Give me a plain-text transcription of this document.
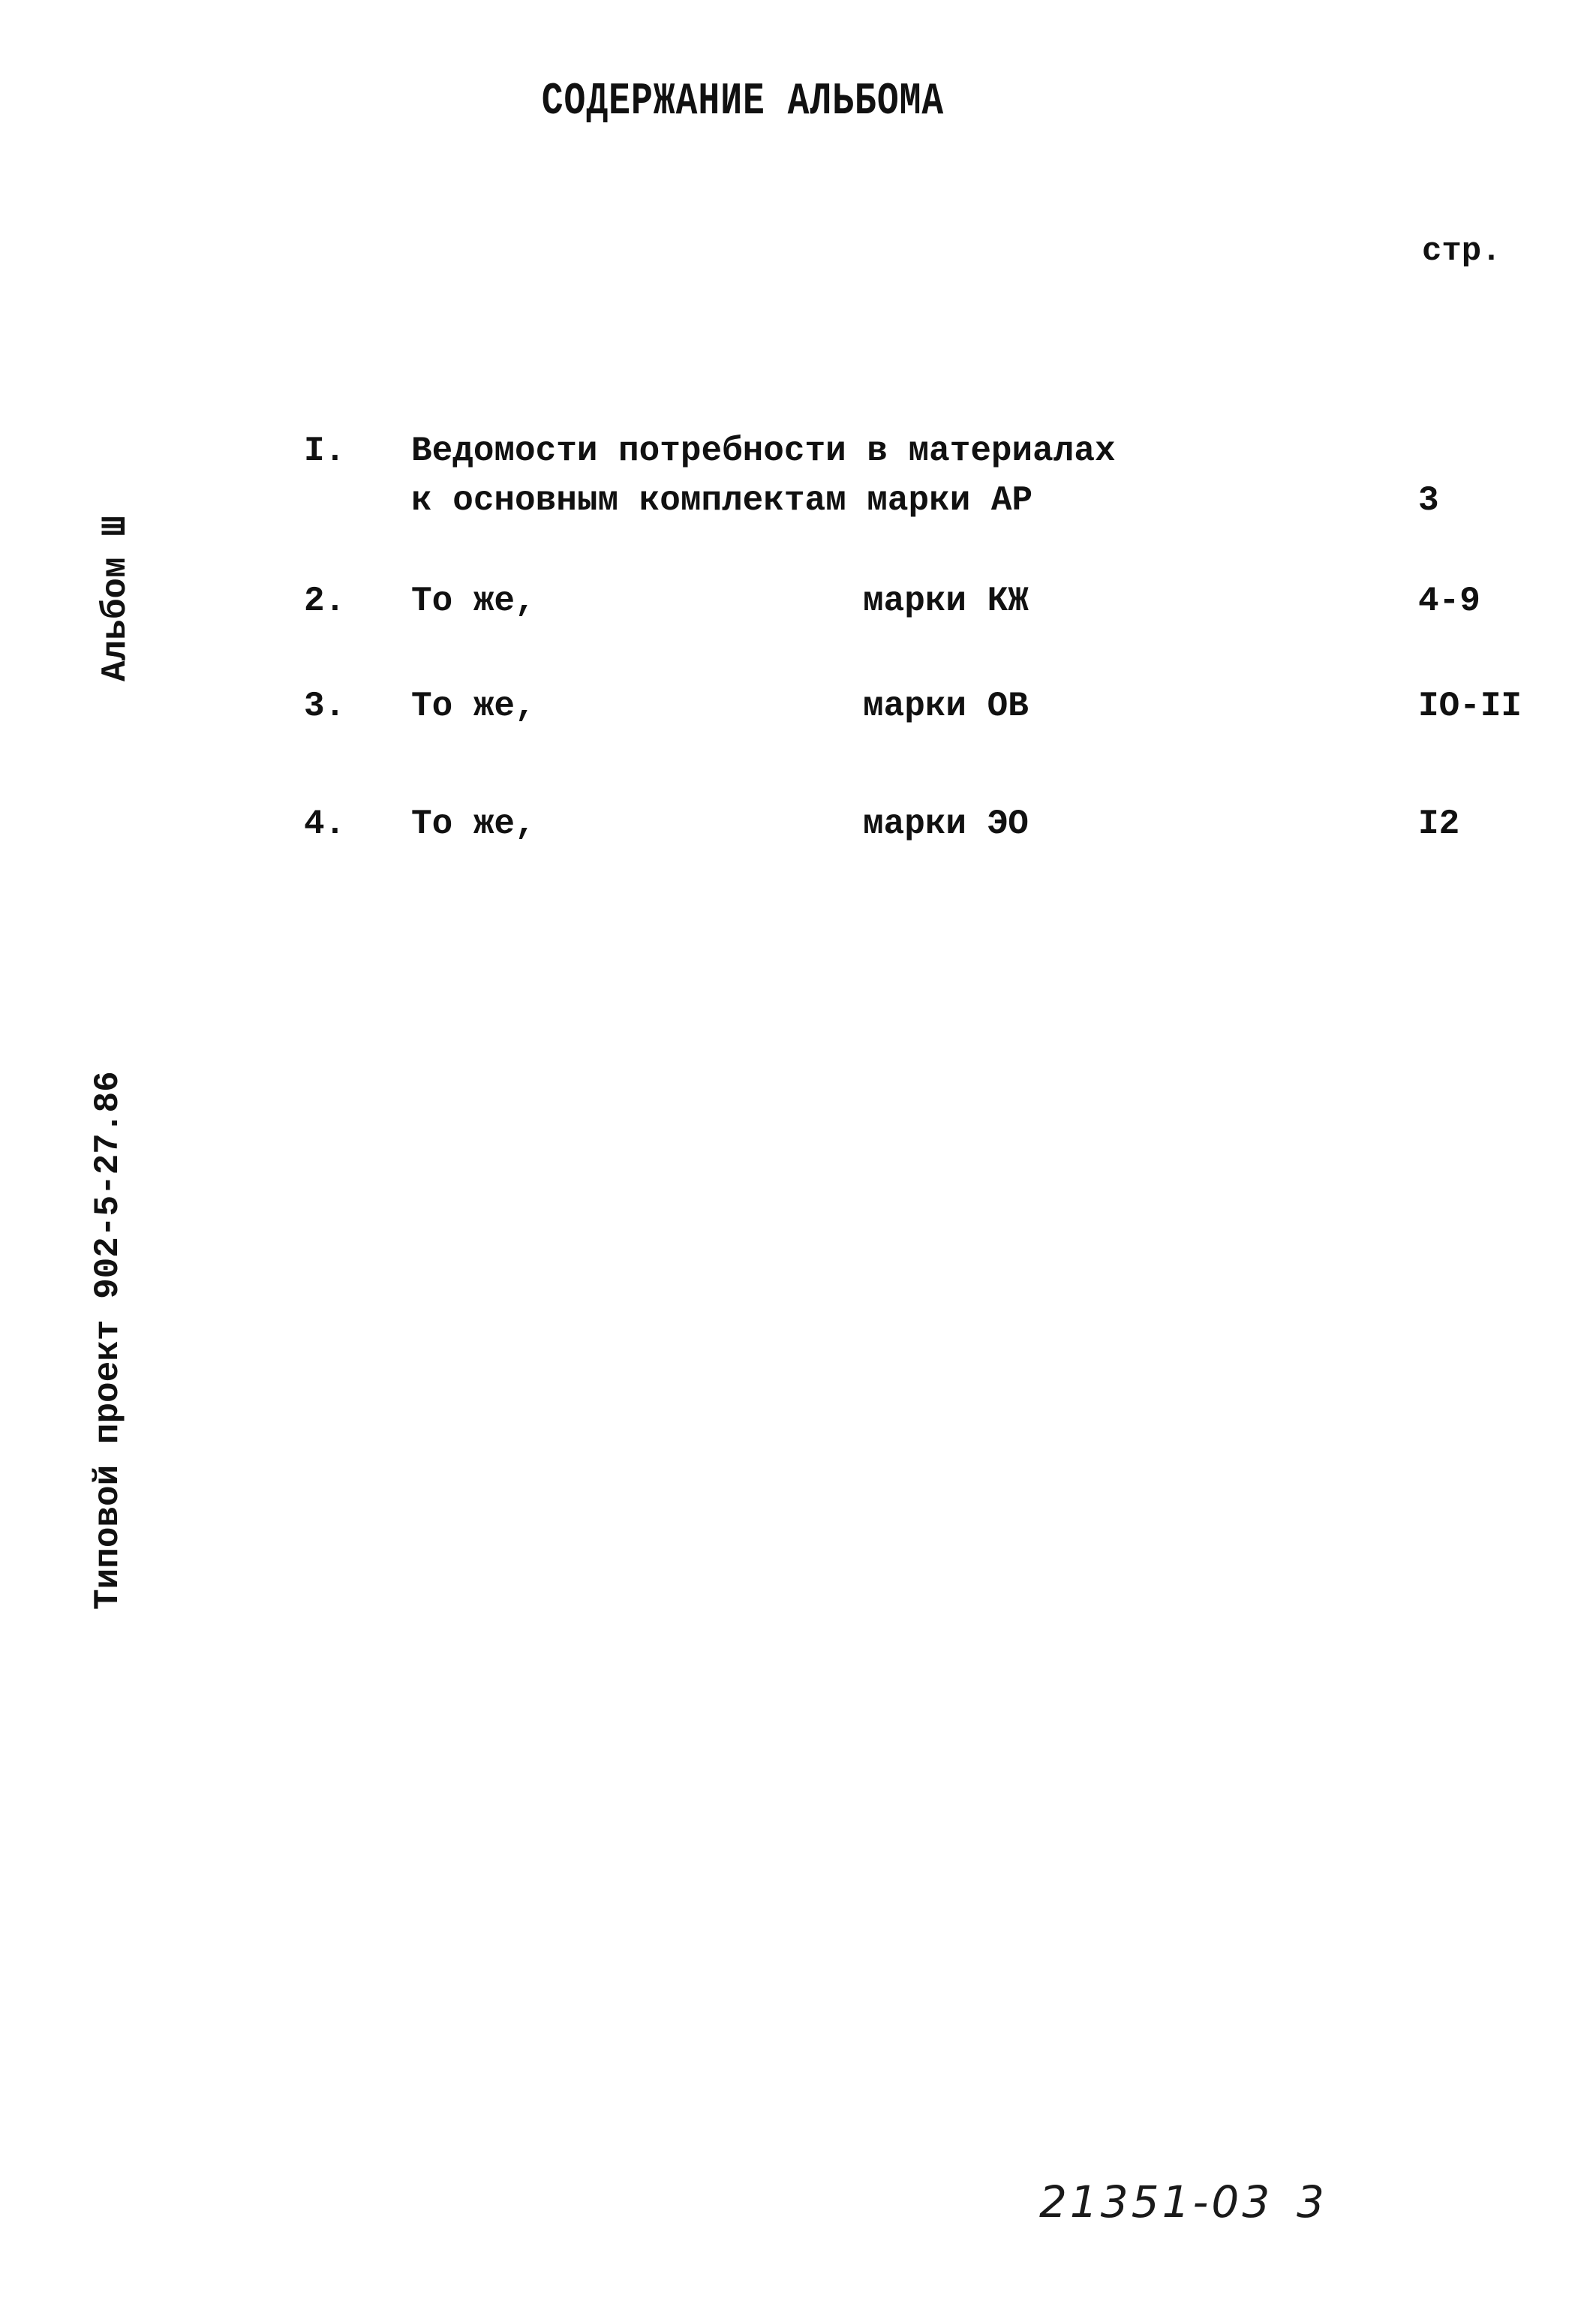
СОДЕРЖАНИЕ АЛЬБОМА
стр.
I. Ведомости потребности в материалах
к основным комплектам марки АР	3
2. То же,	марки КЖ	4-9
3. То же,	марки ОВ	IO-II
4. То же,	марки ЭО	I2
Альбом Ш
Типовой проект 902-5-27.86
21351-03 3
